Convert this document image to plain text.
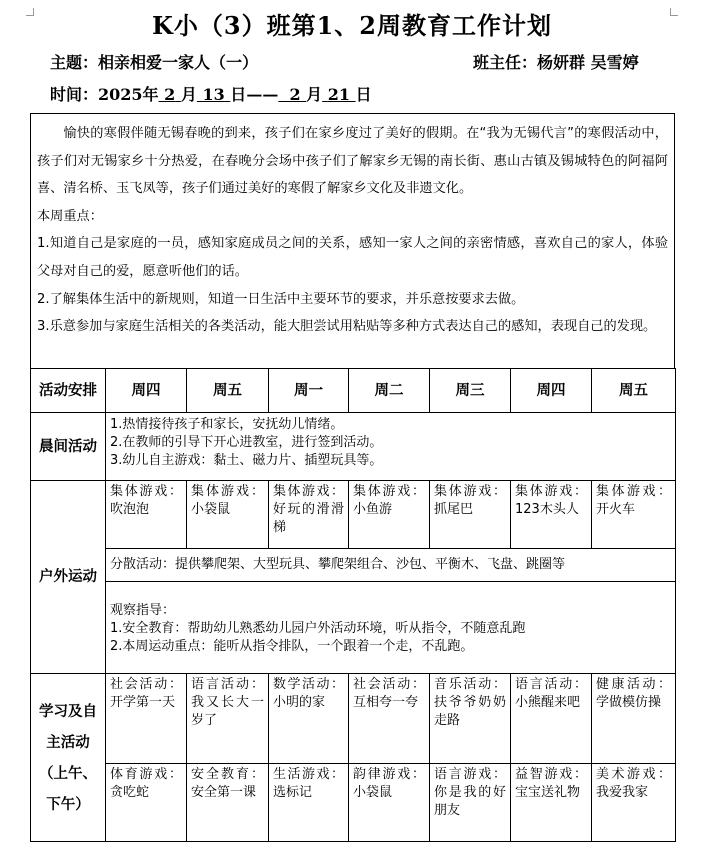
K小（3）班第1、2周教育工作计划
主题：相亲相爱一家人（一）	班主任：杨妍群 吴雪婷
时间：2025年 2 月 13 日—— 2 月 21 日

愉快的寒假伴随无锡春晚的到来，孩子们在家乡度过了美好的假期。在“我为无锡代言”的寒假活动中，孩子们对无锡家乡十分热爱，在春晚分会场中孩子们了解家乡无锡的南长街、惠山古镇及锡城特色的阿福阿喜、清名桥、玉飞凤等，孩子们通过美好的寒假了解家乡文化及非遗文化。

本周重点：

1.知道自己是家庭的一员，感知家庭成员之间的关系，感知一家人之间的亲密情感，喜欢自己的家人，体验父母对自己的爱，愿意听他们的话。

2.了解集体生活中的新规则，知道一日生活中主要环节的要求，并乐意按要求去做。

3.乐意参加与家庭生活相关的各类活动，能大胆尝试用粘贴等多种方式表达自己的感知，表现自己的发现。

活动安排	周四	周五	周一	周二	周三	周四	周五
晨间活动	1.热情接待孩子和家长，安抚幼儿情绪。
2.在教师的引导下开心进教室，进行签到活动。
3.幼儿自主游戏：黏土、磁力片、插塑玩具等。						

户外运动	集体游戏：吹泡泡	集体游戏：小袋鼠	集体游戏：好玩的滑滑梯	集体游戏：小鱼游	集体游戏：抓尾巴	集体游戏：123木头人	集体游戏：开火车
	分散活动：提供攀爬架、大型玩具、攀爬架组合、沙包、平衡木、飞盘、跳圈等						

	观察指导：
1.安全教育：帮助幼儿熟悉幼儿园户外活动环境，听从指令，不随意乱跑
2.本周运动重点：能听从指令排队，一个跟着一个走，不乱跑。						

学习及自
主活动
（上午、
下午）	社会活动：开学第一天	语言活动：我又长大一岁了	数学活动：小明的家	社会活动：互相夸一夸	音乐活动：扶爷爷奶奶走路	语言活动：小熊醒来吧	健康活动：学做模仿操
	体育游戏：贪吃蛇	安全教育：安全第一课	生活游戏：选标记	韵律游戏：小袋鼠	语言游戏：你是我的好朋友	益智游戏：宝宝送礼物	美术游戏：我爱我家
